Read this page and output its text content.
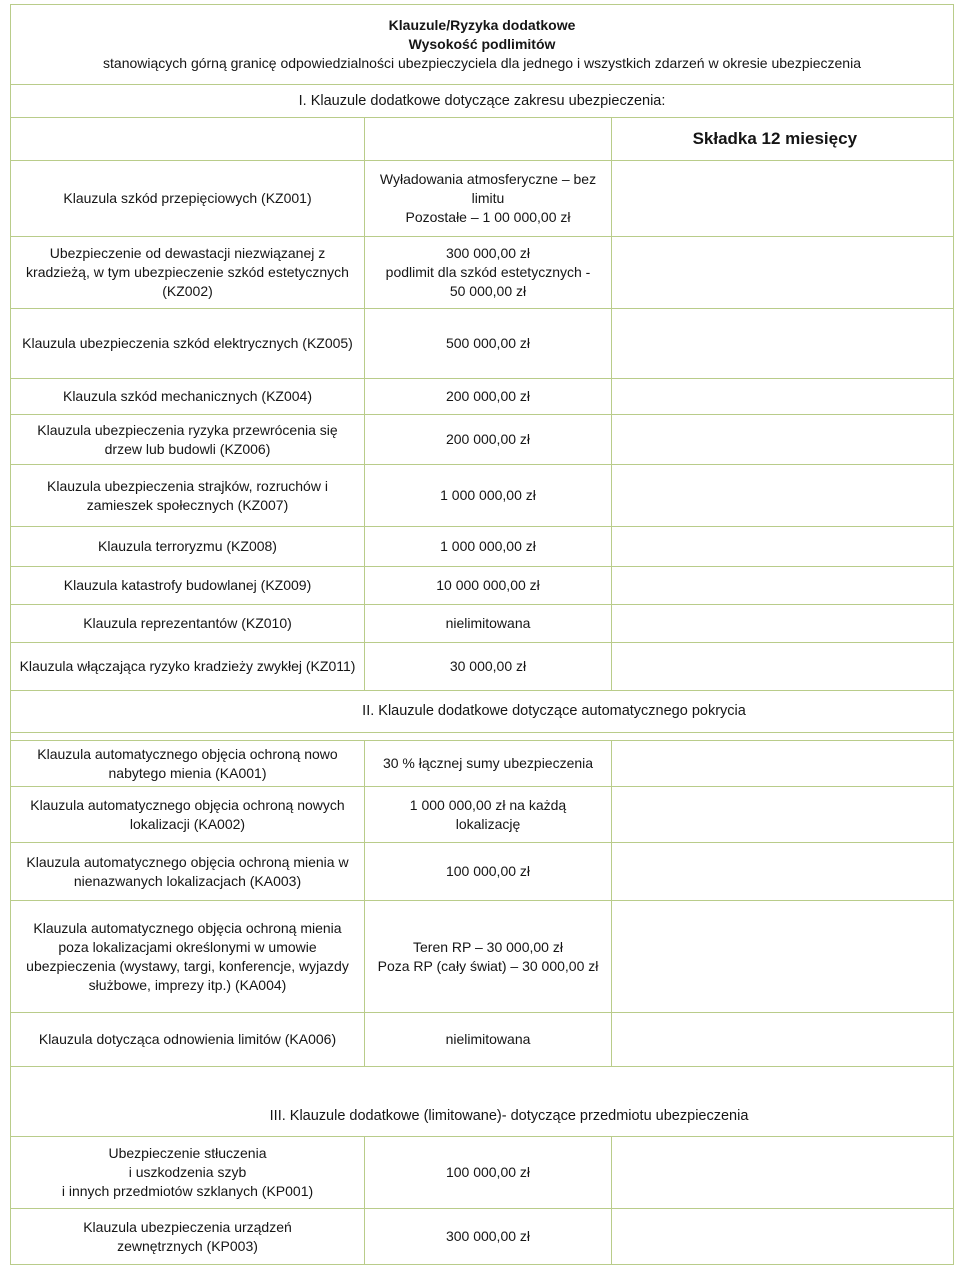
Klauzule/Ryzyka dodatkowe
Wysokość podlimitów
stanowiących górną granicę odpowiedzialności ubezpieczyciela dla jednego i wszystkich zdarzeń w okresie ubezpieczenia		

I. Klauzule dodatkowe dotyczące zakresu ubezpieczenia:		
		Składka 12 miesięcy
Klauzula szkód przepięciowych (KZ001)	Wyładowania atmosferyczne – bez
limitu
Pozostałe – 1 00 000,00 zł	

Ubezpieczenie od dewastacji niezwiązanej z kradzieżą, w tym ubezpieczenie szkód estetycznych (KZ002)	300 000,00 zł
podlimit dla szkód estetycznych -
50 000,00 zł	

Klauzula ubezpieczenia szkód elektrycznych (KZ005)	500 000,00 zł	
Klauzula szkód mechanicznych (KZ004)	200 000,00 zł	
Klauzula ubezpieczenia ryzyka przewrócenia się drzew lub budowli (KZ006)	200 000,00 zł	
Klauzula ubezpieczenia strajków, rozruchów i zamieszek społecznych (KZ007)	1 000 000,00 zł	
Klauzula terroryzmu (KZ008)	1 000 000,00 zł	
Klauzula katastrofy budowlanej (KZ009)	10 000 000,00 zł	
Klauzula reprezentantów (KZ010)	nielimitowana	
Klauzula włączająca ryzyko kradzieży zwykłej (KZ011)	30 000,00 zł	
II. Klauzule dodatkowe dotyczące automatycznego pokrycia		

Klauzula automatycznego objęcia ochroną nowo nabytego mienia (KA001)	30 % łącznej sumy ubezpieczenia	
Klauzula automatycznego objęcia ochroną nowych lokalizacji (KA002)	1 000 000,00 zł na każdą
lokalizację	

Klauzula automatycznego objęcia ochroną mienia w nienazwanych lokalizacjach (KA003)	100 000,00 zł	
Klauzula automatycznego objęcia ochroną mienia poza lokalizacjami określonymi w umowie ubezpieczenia (wystawy, targi, konferencje, wyjazdy służbowe, imprezy itp.) (KA004)	Teren RP – 30 000,00 zł
Poza RP (cały świat) – 30 000,00 zł	

Klauzula dotycząca odnowienia limitów (KA006)	nielimitowana	

III. Klauzule dodatkowe (limitowane)- dotyczące przedmiotu ubezpieczenia		

Ubezpieczenie stłuczenia
i uszkodzenia szyb
i innych przedmiotów szklanych (KP001)	100 000,00 zł	

Klauzula ubezpieczenia urządzeń
zewnętrznych (KP003)	300 000,00 zł	
